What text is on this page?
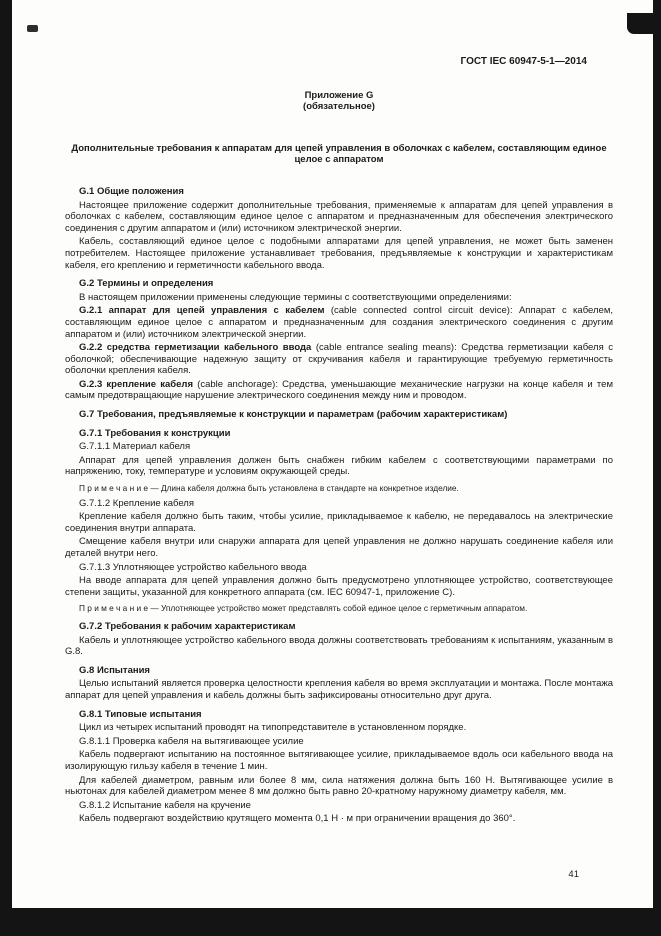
ГОСТ IEC 60947-5-1—2014
Приложение G
(обязательное)
Дополнительные требования к аппаратам для цепей управления в оболочках с кабелем, составляющим единое целое с аппаратом

G.1 Общие положения

Настоящее приложение содержит дополнительные требования, применяемые к аппаратам для цепей управления в оболочках с кабелем, составляющим единое целое с аппаратом и предназначенным для обеспечения электрического соединения с другим аппаратом и (или) источником электрической энергии.

Кабель, составляющий единое целое с подобными аппаратами для цепей управления, не может быть заменен потребителем. Настоящее приложение устанавливает требования, предъявляемые к конструкции и характеристикам кабеля, его креплению и герметичности кабельного ввода.

G.2 Термины и определения

В настоящем приложении применены следующие термины с соответствующими определениями:

G.2.1 аппарат для цепей управления с кабелем (cable connected control circuit device): Аппарат с кабелем, составляющим единое целое с аппаратом и предназначенным для создания электрического соединения с другим аппаратом и (или) источником электрической энергии.

G.2.2 средства герметизации кабельного ввода (cable entrance sealing means): Средства герметизации кабеля с оболочкой; обеспечивающие надежную защиту от скручивания кабеля и гарантирующие требуемую герметичность оболочки крепления кабеля.

G.2.3 крепление кабеля (cable anchorage): Средства, уменьшающие механические нагрузки на конце кабеля и тем самым предотвращающие нарушение электрического соединения между ним и проводом.

G.7 Требования, предъявляемые к конструкции и параметрам (рабочим характеристикам)

G.7.1 Требования к конструкции

G.7.1.1 Материал кабеля

Аппарат для цепей управления должен быть снабжен гибким кабелем с соответствующими параметрами по напряжению, току, температуре и условиям окружающей среды.

П р и м е ч а н и е — Длина кабеля должна быть установлена в стандарте на конкретное изделие.

G.7.1.2 Крепление кабеля

Крепление кабеля должно быть таким, чтобы усилие, прикладываемое к кабелю, не передавалось на электрические соединения внутри аппарата.

Смещение кабеля внутри или снаружи аппарата для цепей управления не должно нарушать соединение кабеля или деталей внутри него.

G.7.1.3 Уплотняющее устройство кабельного ввода

На вводе аппарата для цепей управления должно быть предусмотрено уплотняющее устройство, соответствующее степени защиты, указанной для конкретного аппарата (см. IEC 60947-1, приложение C).

П р и м е ч а н и е — Уплотняющее устройство может представлять собой единое целое с герметичным аппаратом.

G.7.2 Требования к рабочим характеристикам

Кабель и уплотняющее устройство кабельного ввода должны соответствовать требованиям к испытаниям, указанным в G.8.

G.8 Испытания

Целью испытаний является проверка целостности крепления кабеля во время эксплуатации и монтажа. После монтажа аппарат для цепей управления и кабель должны быть зафиксированы относительно друг друга.

G.8.1 Типовые испытания

Цикл из четырех испытаний проводят на типопредставителе в установленном порядке.

G.8.1.1 Проверка кабеля на вытягивающее усилие

Кабель подвергают испытанию на постоянное вытягивающее усилие, прикладываемое вдоль оси кабельного ввода на изолирующую гильзу кабеля в течение 1 мин.

Для кабелей диаметром, равным или более 8 мм, сила натяжения должна быть 160 Н. Вытягивающее усилие в ньютонах для кабелей диаметром менее 8 мм должно быть равно 20-кратному наружному диаметру кабеля, мм.

G.8.1.2 Испытание кабеля на кручение

Кабель подвергают воздействию крутящего момента 0,1 Н · м при ограничении вращения до 360°.

41
